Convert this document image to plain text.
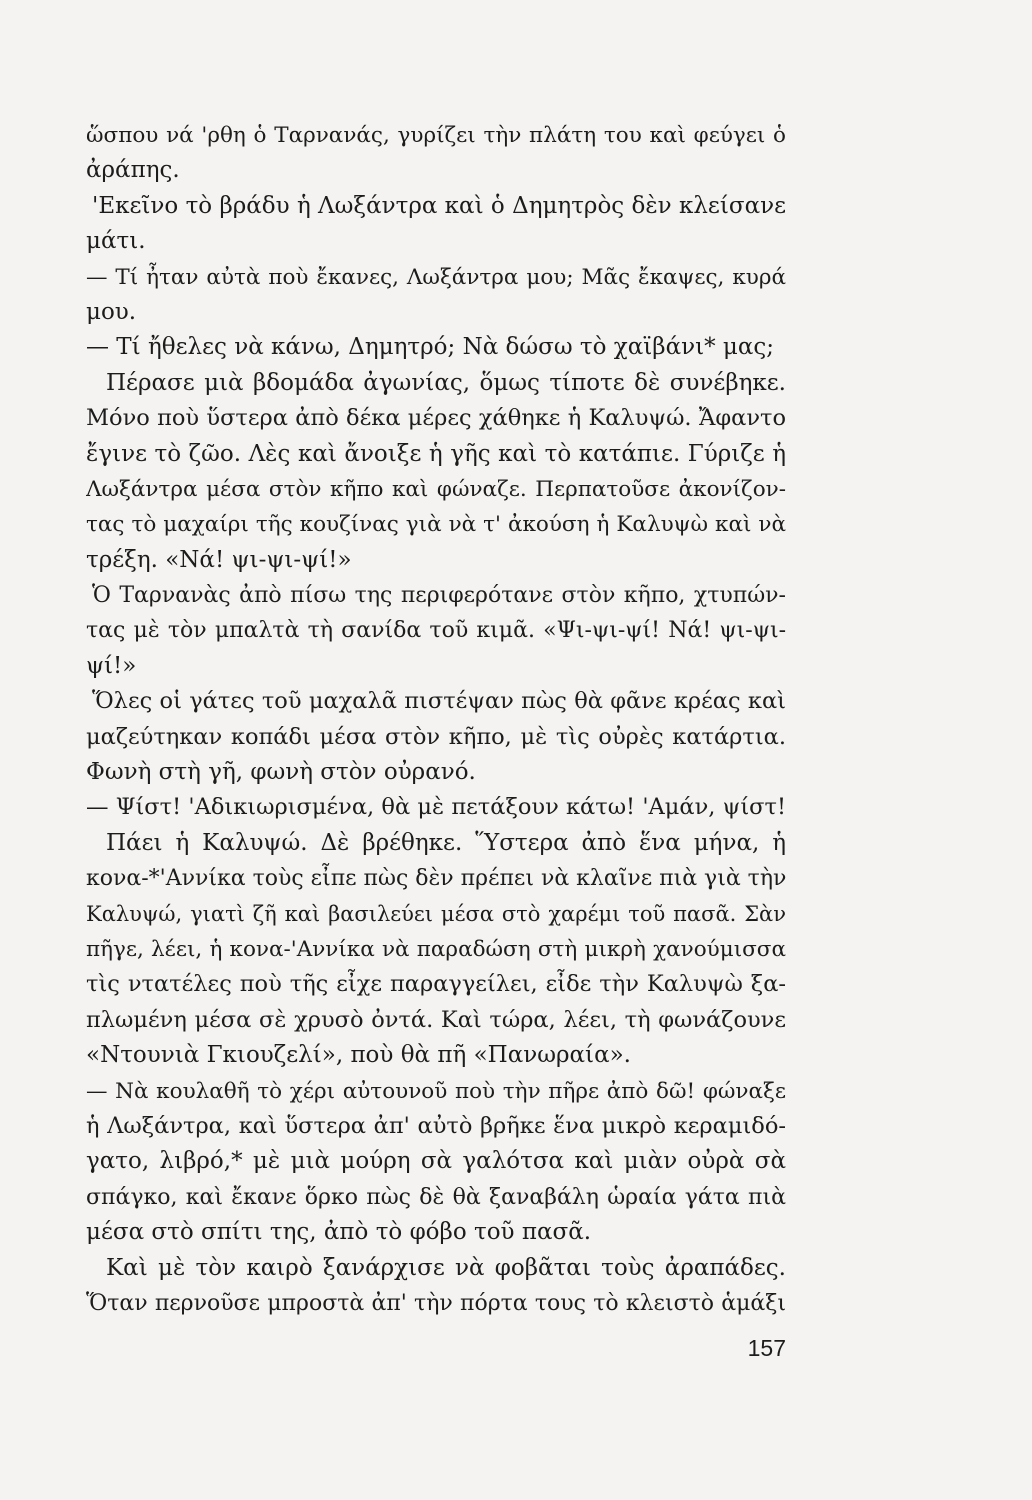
ὥσπου νά 'ρθη ὁ Ταρνανάς, γυρίζει τὴν πλάτη του καὶ φεύγει ὁ
ἀράπης.
'Εκεῖνο τὸ βράδυ ἡ Λωξάντρα καὶ ὁ Δημητρὸς δὲν κλείσανε
μάτι.
— Τί ἦταν αὐτὰ ποὺ ἔκανες, Λωξάντρα μου; Μᾶς ἔκαψες, κυρά
μου.
— Τί ἤθελες νὰ κάνω, Δημητρό; Νὰ δώσω τὸ χαϊβάνι* μας;
Πέρασε μιὰ βδομάδα ἀγωνίας, ὅμως τίποτε δὲ συνέβηκε.
Μόνο ποὺ ὕστερα ἀπὸ δέκα μέρες χάθηκε ἡ Καλυψώ. Ἄφαντο
ἔγινε τὸ ζῶο. Λὲς καὶ ἄνοιξε ἡ γῆς καὶ τὸ κατάπιε. Γύριζε ἡ
Λωξάντρα μέσα στὸν κῆπο καὶ φώναζε. Περπατοῦσε ἀκονίζον-
τας τὸ μαχαίρι τῆς κουζίνας γιὰ νὰ τ' ἀκούση ἡ Καλυψὼ καὶ νὰ
τρέξη. «Νά! ψι-ψι-ψί!»
Ὁ Ταρνανὰς ἀπὸ πίσω της περιφερότανε στὸν κῆπο, χτυπών-
τας μὲ τὸν μπαλτὰ τὴ σανίδα τοῦ κιμᾶ. «Ψι-ψι-ψί! Νά! ψι-ψι-
ψί!»
Ὅλες οἱ γάτες τοῦ μαχαλᾶ πιστέψαν πὼς θὰ φᾶνε κρέας καὶ
μαζεύτηκαν κοπάδι μέσα στὸν κῆπο, μὲ τὶς οὐρὲς κατάρτια.
Φωνὴ στὴ γῆ, φωνὴ στὸν οὐρανό.
— Ψίστ! 'Αδικιωρισμένα, θὰ μὲ πετάξουν κάτω! 'Αμάν, ψίστ!
Πάει ἡ Καλυψώ. Δὲ βρέθηκε. Ὕστερα ἀπὸ ἕνα μήνα, ἡ
κονα-*'Αννίκα τοὺς εἶπε πὼς δὲν πρέπει νὰ κλαῖνε πιὰ γιὰ τὴν
Καλυψώ, γιατὶ ζῆ καὶ βασιλεύει μέσα στὸ χαρέμι τοῦ πασᾶ. Σὰν
πῆγε, λέει, ἡ κονα-'Αννίκα νὰ παραδώση στὴ μικρὴ χανούμισσα
τὶς ντατέλες ποὺ τῆς εἶχε παραγγείλει, εἶδε τὴν Καλυψὼ ξα-
πλωμένη μέσα σὲ χρυσὸ ὀντά. Καὶ τώρα, λέει, τὴ φωνάζουνε
«Ντουνιὰ Γκιουζελί», ποὺ θὰ πῆ «Πανωραία».
— Νὰ κουλαθῆ τὸ χέρι αὐτουνοῦ ποὺ τὴν πῆρε ἀπὸ δῶ! φώναξε
ἡ Λωξάντρα, καὶ ὕστερα ἀπ' αὐτὸ βρῆκε ἕνα μικρὸ κεραμιδό-
γατο, λιβρό,* μὲ μιὰ μούρη σὰ γαλότσα καὶ μιὰν οὐρὰ σὰ
σπάγκο, καὶ ἔκανε ὅρκο πὼς δὲ θὰ ξαναβάλη ὡραία γάτα πιὰ
μέσα στὸ σπίτι της, ἀπὸ τὸ φόβο τοῦ πασᾶ.
Καὶ μὲ τὸν καιρὸ ξανάρχισε νὰ φοβᾶται τοὺς ἀραπάδες.
Ὅταν περνοῦσε μπροστὰ ἀπ' τὴν πόρτα τους τὸ κλειστὸ ἁμάξι
157
